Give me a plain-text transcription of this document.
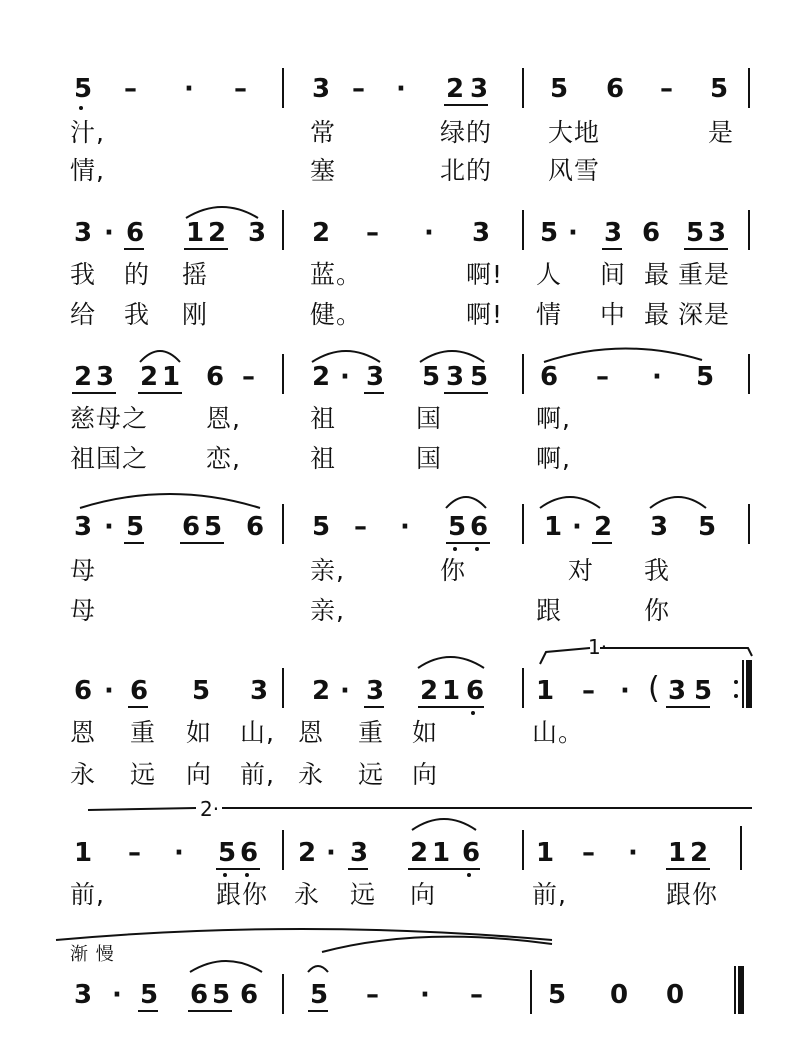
5 – · –	3 – · 2 3 5 6 – 5
汁,	常	绿的 大地	是
情,	塞	北的 风雪
3 · 6 1 2 3 2 – · 3 5 · 3 6 5 3
我 的 摇	蓝。	啊! 人 间 最 重是
给 我 刚	健。	啊! 情 中 最 深是
2 3 2 1 6 – 2 · 3 5 3 5 6 – · 5
慈母之 恩,	祖	国	啊,
祖国之 恋,	祖	国	啊,
3 · 5 6 5 6 5 – · 5 6 1 · 2 3 5
母	亲,	你	对 我
母	亲,	跟	你
1·
6 · 6 5 3 2 · 3 2 1 6 1 – · ( 3 5
恩 重 如 山, 恩 重 如	山。
永 远 向 前, 永 远 向
2·
1 – · 5 6 2 · 3 2 1 6 1 – · 1 2
前,	跟你 永 远 向	前,	跟你
渐 慢
3 · 5 6 5 6 5 – · –	5 0 0
